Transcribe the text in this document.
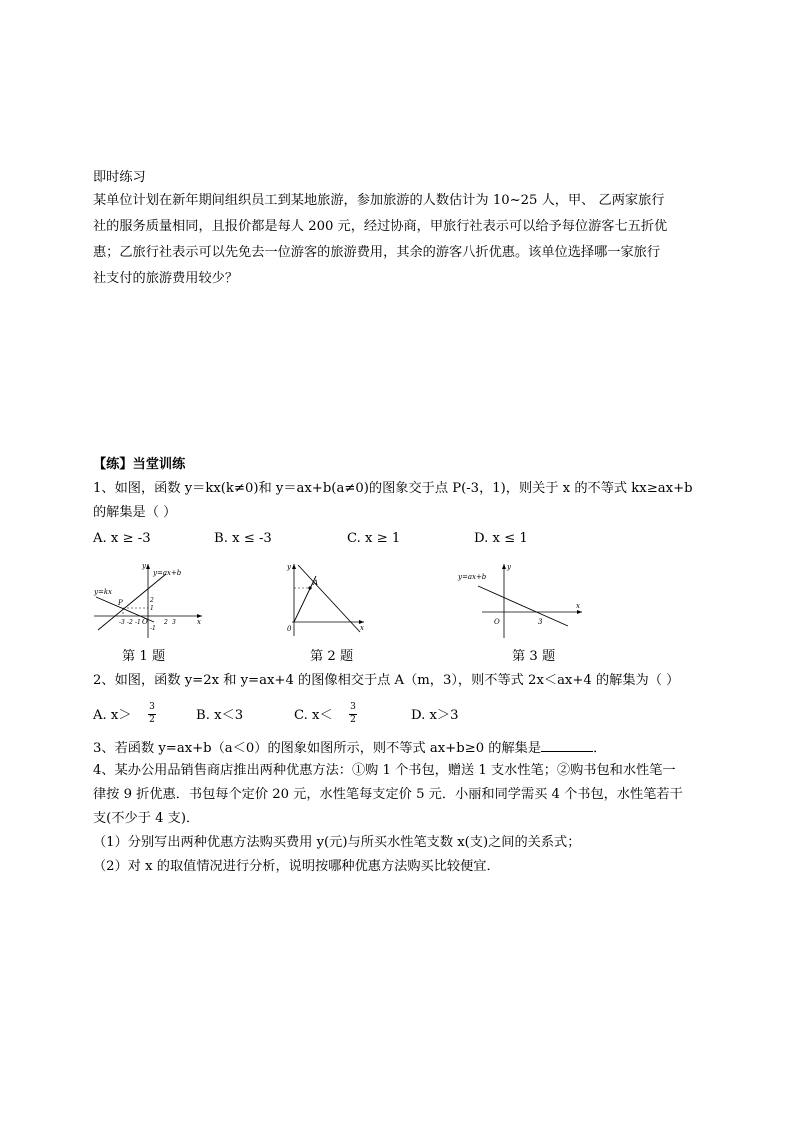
即时练习
某单位计划在新年期间组织员工到某地旅游，参加旅游的人数估计为 10~25 人，甲、 乙两家旅行
社的服务质量相同，且报价都是每人 200 元，经过协商，甲旅行社表示可以给予每位游客七五折优
惠；乙旅行社表示可以先免去一位游客的旅游费用，其余的游客八折优惠。该单位选择哪一家旅行
社支付的旅游费用较少？
【练】当堂训练
1、如图，函数 y＝kx(k≠0)和 y＝ax+b(a≠0)的图象交于点 P(-3，1)，则关于 x 的不等式 kx≥ax+b
的解集是（ ）
A. x ≥ -3	B. x ≤ -3	C. x ≥ 1	D. x ≤ 1
y=kx
y=ax+b
P
O	x
y
-3 -2 -1	2 3
2
1
-1
第 1 题
A
0	x
y
第 2 题
y=ax+b
O	3
x
y
第 3 题
2、如图，函数 y=2x 和 y=ax+4 的图像相交于点 A（m，3），则不等式 2x＜ax+4 的解集为（ ）
A. x＞
3
2	B. x＜3	C. x＜
3
2	D. x＞3
3、若函数 y=ax+b（a＜0）的图象如图所示，则不等式 ax+b≥0 的解集是	．
4、某办公用品销售商店推出两种优惠方法：①购 1 个书包，赠送 1 支水性笔；②购书包和水性笔一
律按 9 折优惠．书包每个定价 20 元，水性笔每支定价 5 元．小丽和同学需买 4 个书包，水性笔若干
支(不少于 4 支)．
（1）分别写出两种优惠方法购买费用 y(元)与所买水性笔支数 x(支)之间的关系式；
（2）对 x 的取值情况进行分析，说明按哪种优惠方法购买比较便宜．
